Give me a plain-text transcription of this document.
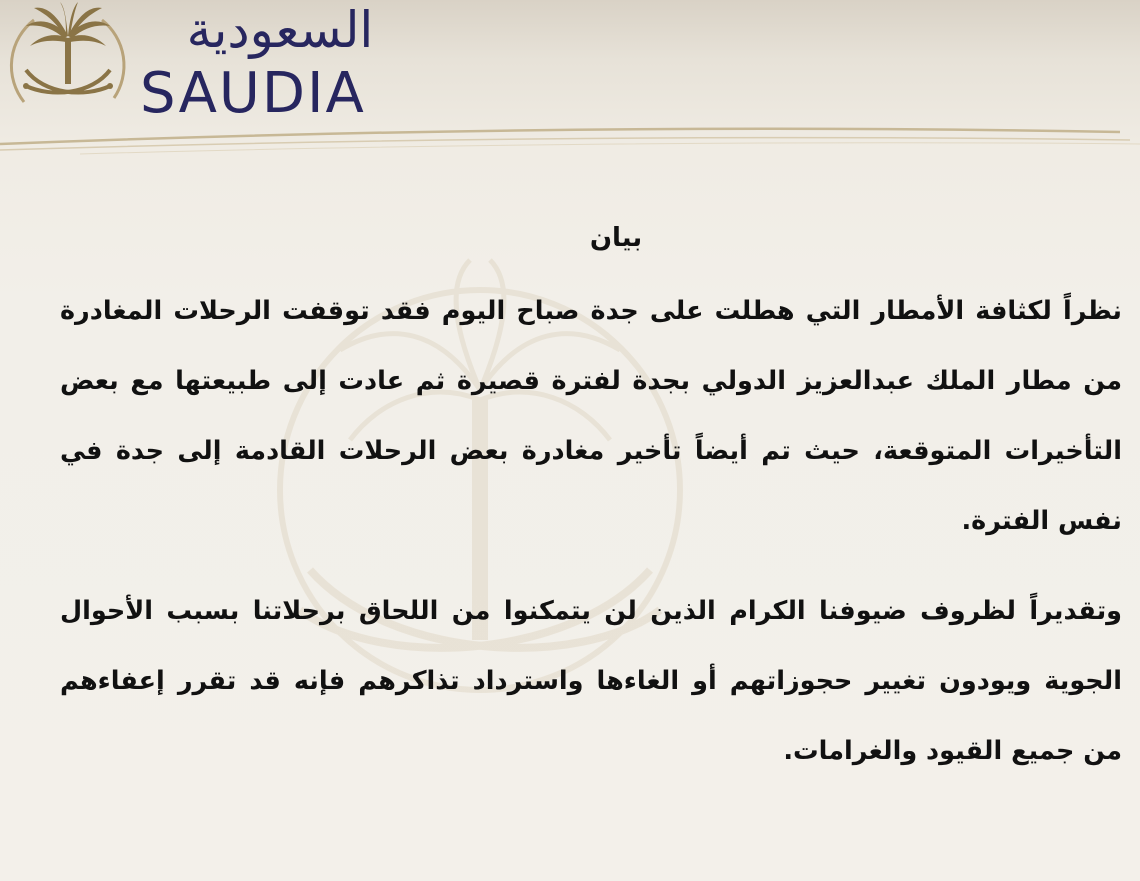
السعودية
SAUDIA
بيان

نظراً لكثافة الأمطار التي هطلت على جدة صباح اليوم فقد توقفت الرحلات المغادرة من مطار الملك عبدالعزيز الدولي بجدة لفترة قصيرة ثم عادت إلى طبيعتها مع بعض التأخيرات المتوقعة، حيث تم أيضاً تأخير مغادرة بعض الرحلات القادمة إلى جدة في نفس الفترة.

وتقديراً لظروف ضيوفنا الكرام الذين لن يتمكنوا من اللحاق برحلاتنا بسبب الأحوال الجوية ويودون تغيير حجوزاتهم أو الغاءها واسترداد تذاكرهم فإنه قد تقرر إعفاءهم من جميع القيود والغرامات.
